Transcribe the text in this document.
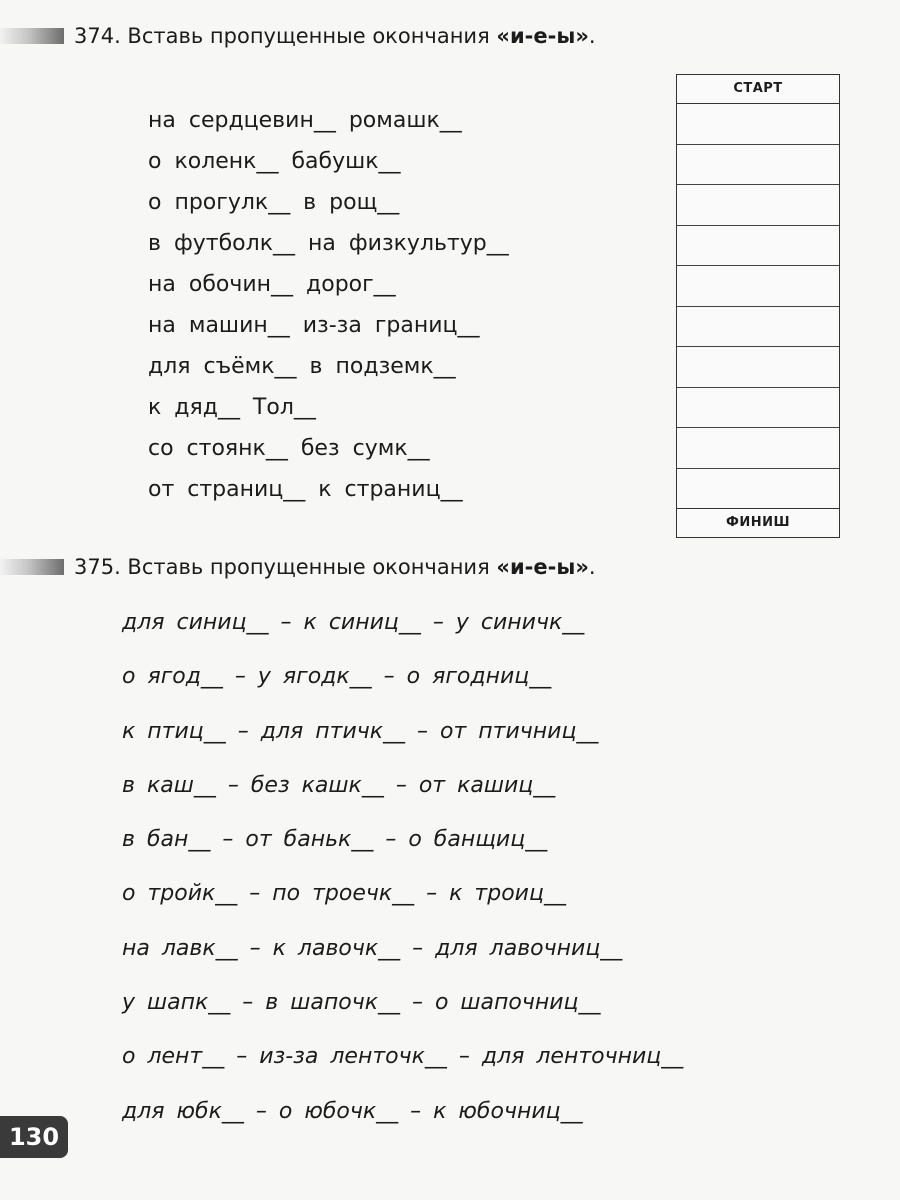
374. Вставь пропущенные окончания «и-е-ы».
на сердцевин__ ромашк__
о коленк__ бабушк__
о прогулк__ в рощ__
в футболк__ на физкультур__
на обочин__ дорог__
на машин__ из-за границ__
для съёмк__ в подземк__
к дяд__ Тол__
со стоянк__ без сумк__
от страниц__ к страниц__
СТАРТ
ФИНИШ
375. Вставь пропущенные окончания «и-е-ы».
для синиц__ – к синиц__ – у синичк__
о ягод__ – у ягодк__ – о ягодниц__
к птиц__ – для птичк__ – от птичниц__
в каш__ – без кашк__ – от кашиц__
в бан__ – от баньк__ – о банщиц__
о тройк__ – по троечк__ – к троиц__
на лавк__ – к лавочк__ – для лавочниц__
у шапк__ – в шапочк__ – о шапочниц__
о лент__ – из-за ленточк__ – для ленточниц__
для юбк__ – о юбочк__ – к юбочниц__
130
